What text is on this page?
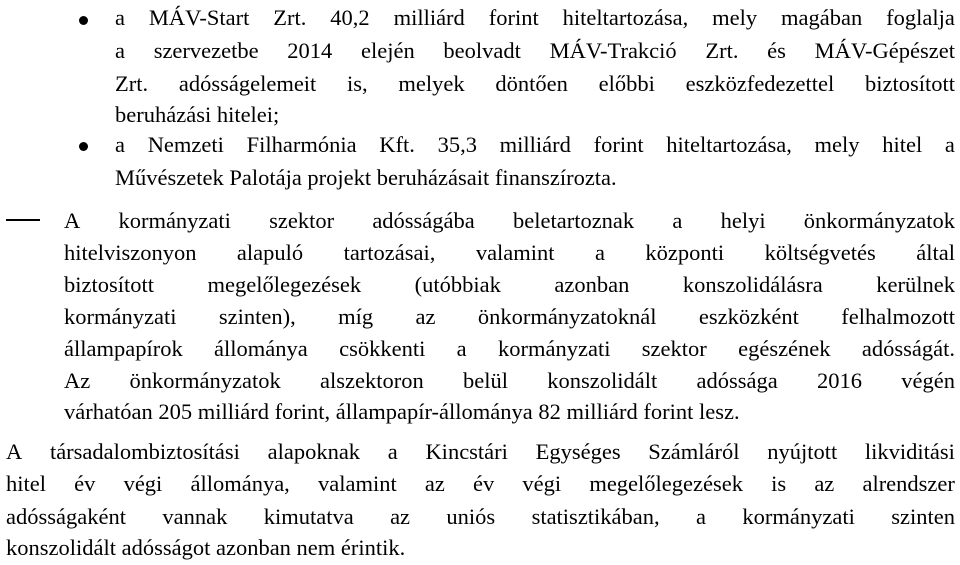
a MÁV-Start Zrt. 40,2 milliárd forint hiteltartozása, mely magában foglalja
a szervezetbe 2014 elején beolvadt MÁV-Trakció Zrt. és MÁV-Gépészet
Zrt. adósságelemeit is, melyek döntően előbbi eszközfedezettel biztosított
beruházási hitelei;
a Nemzeti Filharmónia Kft. 35,3 milliárd forint hiteltartozása, mely hitel a
Művészetek Palotája projekt beruházásait finanszírozta.
A kormányzati szektor adósságába beletartoznak a helyi önkormányzatok
hitelviszonyon alapuló tartozásai, valamint a központi költségvetés által
biztosított megelőlegezések (utóbbiak azonban konszolidálásra kerülnek
kormányzati szinten), míg az önkormányzatoknál eszközként felhalmozott
állampapírok állománya csökkenti a kormányzati szektor egészének adósságát.
Az önkormányzatok alszektoron belül konszolidált adóssága 2016 végén
várhatóan 205 milliárd forint, állampapír-állománya 82 milliárd forint lesz.
A társadalombiztosítási alapoknak a Kincstári Egységes Számláról nyújtott likviditási
hitel év végi állománya, valamint az év végi megelőlegezések is az alrendszer
adósságaként vannak kimutatva az uniós statisztikában, a kormányzati szinten
konszolidált adósságot azonban nem érintik.
